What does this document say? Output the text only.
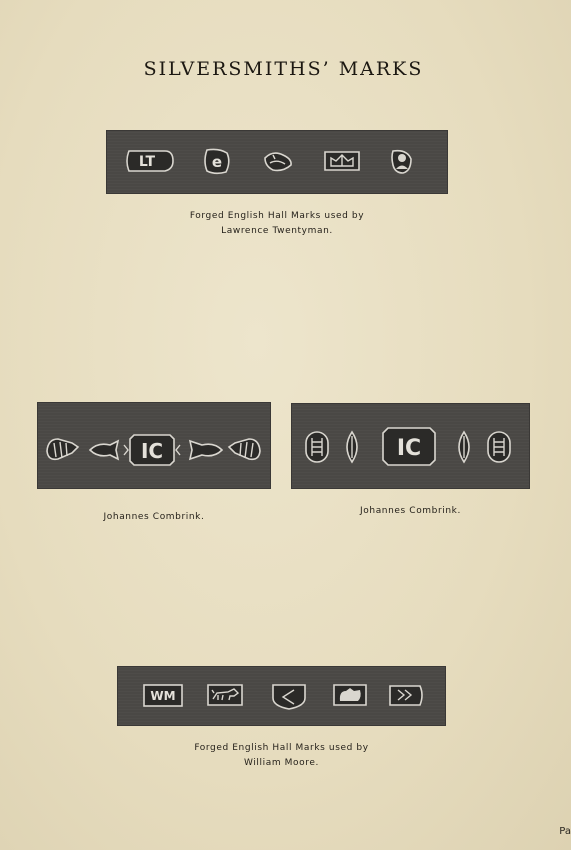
SILVERSMITHS’ MARKS
LT	e
Forged English Hall Marks used by
Lawrence Twentyman.
IC
Johannes Combrink.
IC
Johannes Combrink.
WM
Forged English Hall Marks used by
William Moore.
Pa
